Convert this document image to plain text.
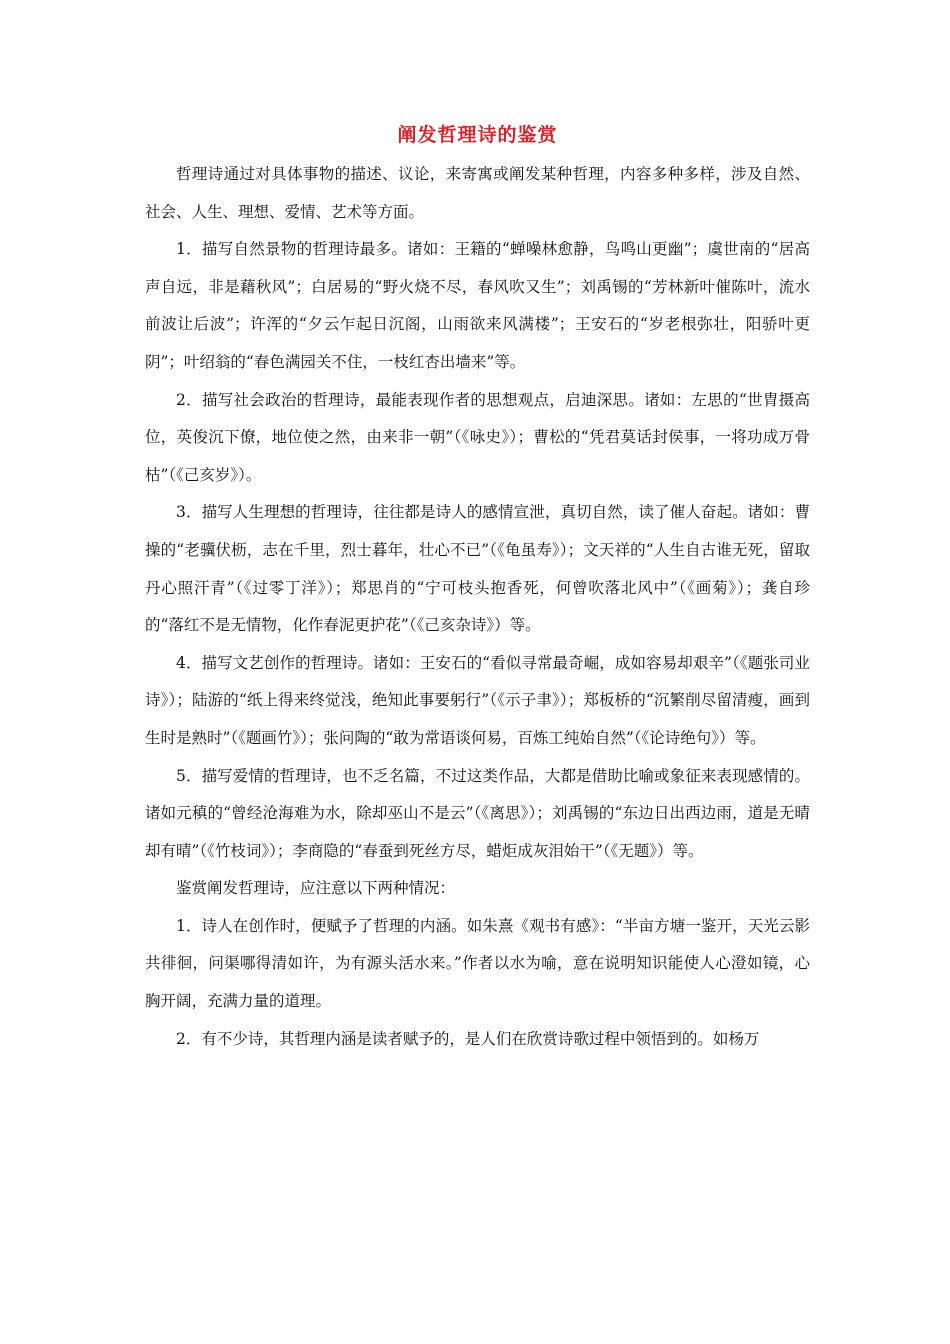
阐发哲理诗的鉴赏

哲理诗通过对具体事物的描述、议论，来寄寓或阐发某种哲理，内容多种多样，涉及自然、社会、人生、理想、爱情、艺术等方面。

1．描写自然景物的哲理诗最多。诸如：王籍的“蝉噪林愈静，鸟鸣山更幽”；虞世南的“居高声自远，非是藉秋风”；白居易的“野火烧不尽，春风吹又生”；刘禹锡的“芳林新叶催陈叶，流水前波让后波”；许浑的“夕云乍起日沉阁，山雨欲来风满楼”；王安石的“岁老根弥壮，阳骄叶更阴”；叶绍翁的“春色满园关不住，一枝红杏出墙来”等。

2．描写社会政治的哲理诗，最能表现作者的思想观点，启迪深思。诸如：左思的“世胄摄高位，英俊沉下僚，地位使之然，由来非一朝”（《咏史》）；曹松的“凭君莫话封侯事，一将功成万骨枯”（《己亥岁》）。

3．描写人生理想的哲理诗，往往都是诗人的感情宣泄，真切自然，读了催人奋起。诸如：曹操的“老骥伏枥，志在千里，烈士暮年，壮心不已”（《龟虽寿》）；文天祥的“人生自古谁无死，留取丹心照汗青”（《过零丁洋》）；郑思肖的“宁可枝头抱香死，何曾吹落北风中”（《画菊》）；龚自珍的“落红不是无情物，化作春泥更护花”（《己亥杂诗》）等。

4．描写文艺创作的哲理诗。诸如：王安石的“看似寻常最奇崛，成如容易却艰辛”（《题张司业诗》）；陆游的“纸上得来终觉浅，绝知此事要躬行”（《示子聿》）；郑板桥的“沉繁削尽留清瘦，画到生时是熟时”（《题画竹》）；张问陶的“敢为常语谈何易，百炼工纯始自然”（《论诗绝句》）等。

5．描写爱情的哲理诗，也不乏名篇，不过这类作品，大都是借助比喻或象征来表现感情的。诸如元稹的“曾经沧海难为水，除却巫山不是云”（《离思》）；刘禹锡的“东边日出西边雨，道是无晴却有晴”（《竹枝词》）；李商隐的“春蚕到死丝方尽，蜡炬成灰泪始干”（《无题》）等。

鉴赏阐发哲理诗，应注意以下两种情况：

1．诗人在创作时，便赋予了哲理的内涵。如朱熹《观书有感》：“半亩方塘一鉴开，天光云影共徘徊，问渠哪得清如许，为有源头活水来。”作者以水为喻，意在说明知识能使人心澄如镜，心胸开阔，充满力量的道理。

2．有不少诗，其哲理内涵是读者赋予的，是人们在欣赏诗歌过程中领悟到的。如杨万
